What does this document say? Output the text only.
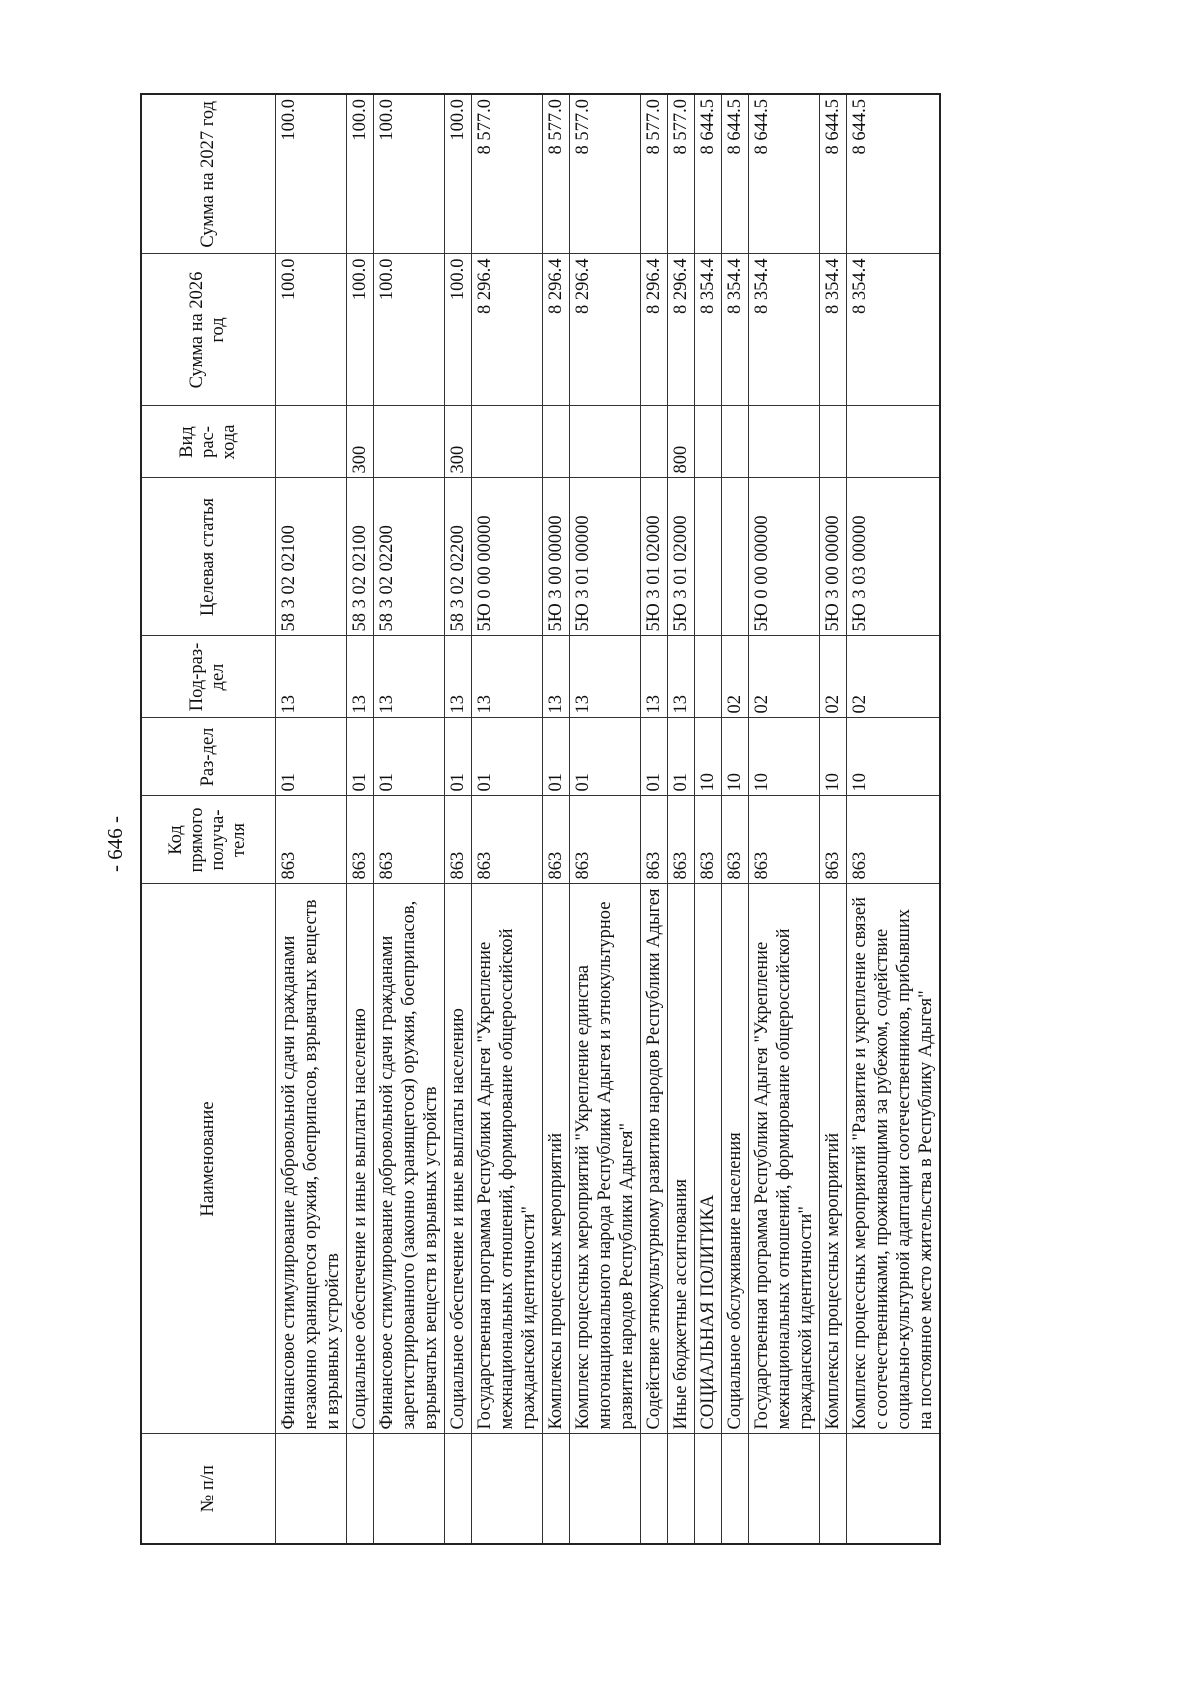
- 646 -
№ п/п	Наименование	Код прямого получа-теля	Раз-дел	Под-раз-дел	Целевая статья	Вид рас-хода	Сумма на 2026 год	Сумма на 2027 год
	Финансовое стимулирование добровольной сдачи гражданами незаконно хранящегося оружия, боеприпасов, взрывчатых веществ и взрывных устройств	863	01	13	58 3 02 02100		100.0	100.0
	Социальное обеспечение и иные выплаты населению	863	01	13	58 3 02 02100	300	100.0	100.0
	Финансовое стимулирование добровольной сдачи гражданами зарегистрированного (законно хранящегося) оружия, боеприпасов, взрывчатых веществ и взрывных устройств	863	01	13	58 3 02 02200		100.0	100.0
	Социальное обеспечение и иные выплаты населению	863	01	13	58 3 02 02200	300	100.0	100.0
	Государственная программа Республики Адыгея "Укрепление межнациональных отношений, формирование общероссийской гражданской идентичности"	863	01	13	5Ю 0 00 00000		8 296.4	8 577.0
	Комплексы процессных мероприятий	863	01	13	5Ю 3 00 00000		8 296.4	8 577.0
	Комплекс процессных мероприятий "Укрепление единства многонационального народа Республики Адыгея и этнокультурное развитие народов Республики Адыгея"	863	01	13	5Ю 3 01 00000		8 296.4	8 577.0
	Содействие этнокультурному развитию народов Республики Адыгея	863	01	13	5Ю 3 01 02000		8 296.4	8 577.0
	Иные бюджетные ассигнования	863	01	13	5Ю 3 01 02000	800	8 296.4	8 577.0
	СОЦИАЛЬНАЯ ПОЛИТИКА	863	10				8 354.4	8 644.5
	Социальное обслуживание населения	863	10	02			8 354.4	8 644.5
	Государственная программа Республики Адыгея "Укрепление межнациональных отношений, формирование общероссийской гражданской идентичности"	863	10	02	5Ю 0 00 00000		8 354.4	8 644.5
	Комплексы процессных мероприятий	863	10	02	5Ю 3 00 00000		8 354.4	8 644.5
	Комплекс процессных мероприятий "Развитие и укрепление связей с соотечественниками, проживающими за рубежом, содействие социально-культурной адаптации соотечественников, прибывших на постоянное место жительства в Республику Адыгея"	863	10	02	5Ю 3 03 00000		8 354.4	8 644.5
